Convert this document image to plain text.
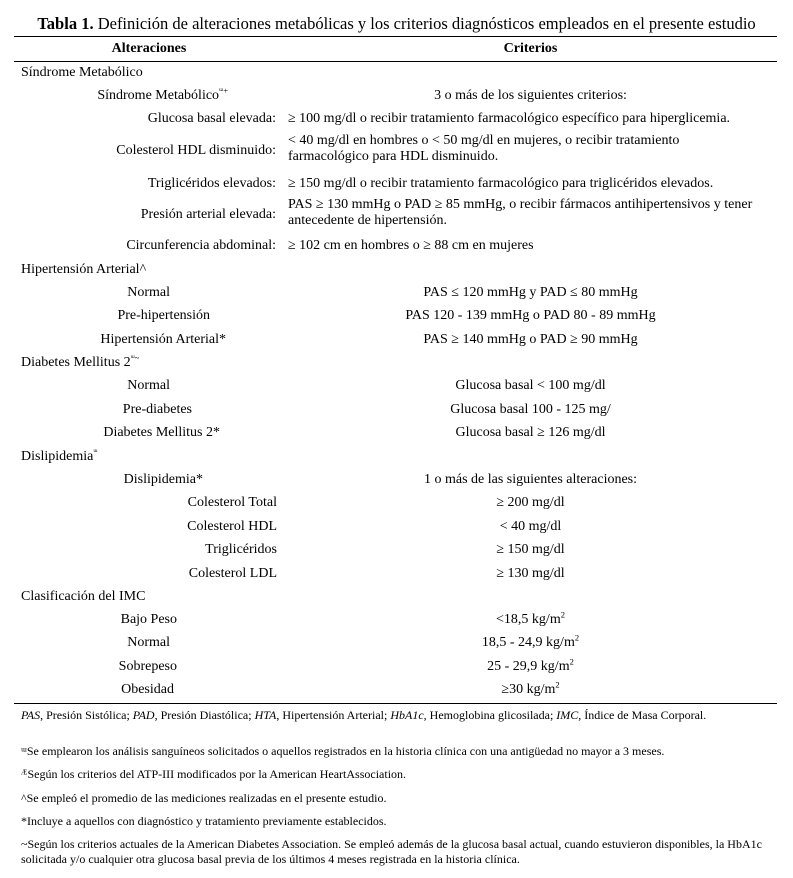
Tabla 1. Definición de alteraciones metabólicas y los criterios diagnósticos empleados en el presente estudio
Alteraciones	Criterios
Síndrome Metabólico
Síndrome Metabólico$^{ᵚ+}$	3 o más de los siguientes criterios:
Glucosa basal elevada: ≥ 100 mg/dl o recibir tratamiento farmacológico específico para hiperglicemia.
Colesterol HDL disminuido:
< 40 mg/dl en hombres o < 50 mg/dl en mujeres, o recibir tratamiento farmacológico para HDL disminuido.
Triglicéridos elevados: ≥ 150 mg/dl o recibir tratamiento farmacológico para triglicéridos elevados.
Presión arterial elevada:
PAS ≥ 130 mmHg o PAD ≥ 85 mmHg, o recibir fármacos antihipertensivos y tener antecedente de hipertensión.
Circunferencia abdominal: ≥ 102 cm en hombres o ≥ 88 cm en mujeres
Hipertensión Arterial^
Normal	PAS ≤ 120 mmHg y PAD ≤ 80 mmHg
Pre-hipertensión	PAS 120 - 139 mmHg o PAD 80 - 89 mmHg
Hipertensión Arterial*	PAS ≥ 140 mmHg o PAD ≥ 90 mmHg
Diabetes Mellitus $2^{ᵚ\sim}$
Normal	Glucosa basal < 100 mg/dl
Pre-diabetes	Glucosa basal 100 - 125 mg/
Diabetes Mellitus 2*	Glucosa basal ≥ 126 mg/dl
Dislipidemia$^ᵚ$
Dislipidemia*	1 o más de las siguientes alteraciones:
Colesterol Total	≥ 200 mg/dl
Colesterol HDL	< 40 mg/dl
Triglicéridos	≥ 150 mg/dl
Colesterol LDL	≥ 130 mg/dl
Clasificación del IMC
Bajo Peso	<18,5 $kg/m^2$
Normal	18,5 - 24,9 $kg/m^2$
Sobrepeso	25 - 29,9 $kg/m^2$
Obesidad	≥30 $kg/m^2$
PAS, Presión Sistólica; PAD, Presión Diastólica; HTA, Hipertensión Arterial; HbA1c, Hemoglobina glicosilada; IMC, Índice de Masa Corporal.
ᵚSe emplearon los análisis sanguíneos solicitados o aquellos registrados en la historia clínica con una antigüedad no mayor a 3 meses.
ᴭSegún los criterios del ATP-III modificados por la American HeartAssociation.
^Se empleó el promedio de las mediciones realizadas en el presente estudio.
*Incluye a aquellos con diagnóstico y tratamiento previamente establecidos.
~Según los criterios actuales de la American Diabetes Association. Se empleó además de la glucosa basal actual, cuando estuvieron disponibles, la HbA1c solicitada y/o cualquier otra glucosa basal previa de los últimos 4 meses registrada en la historia clínica.
